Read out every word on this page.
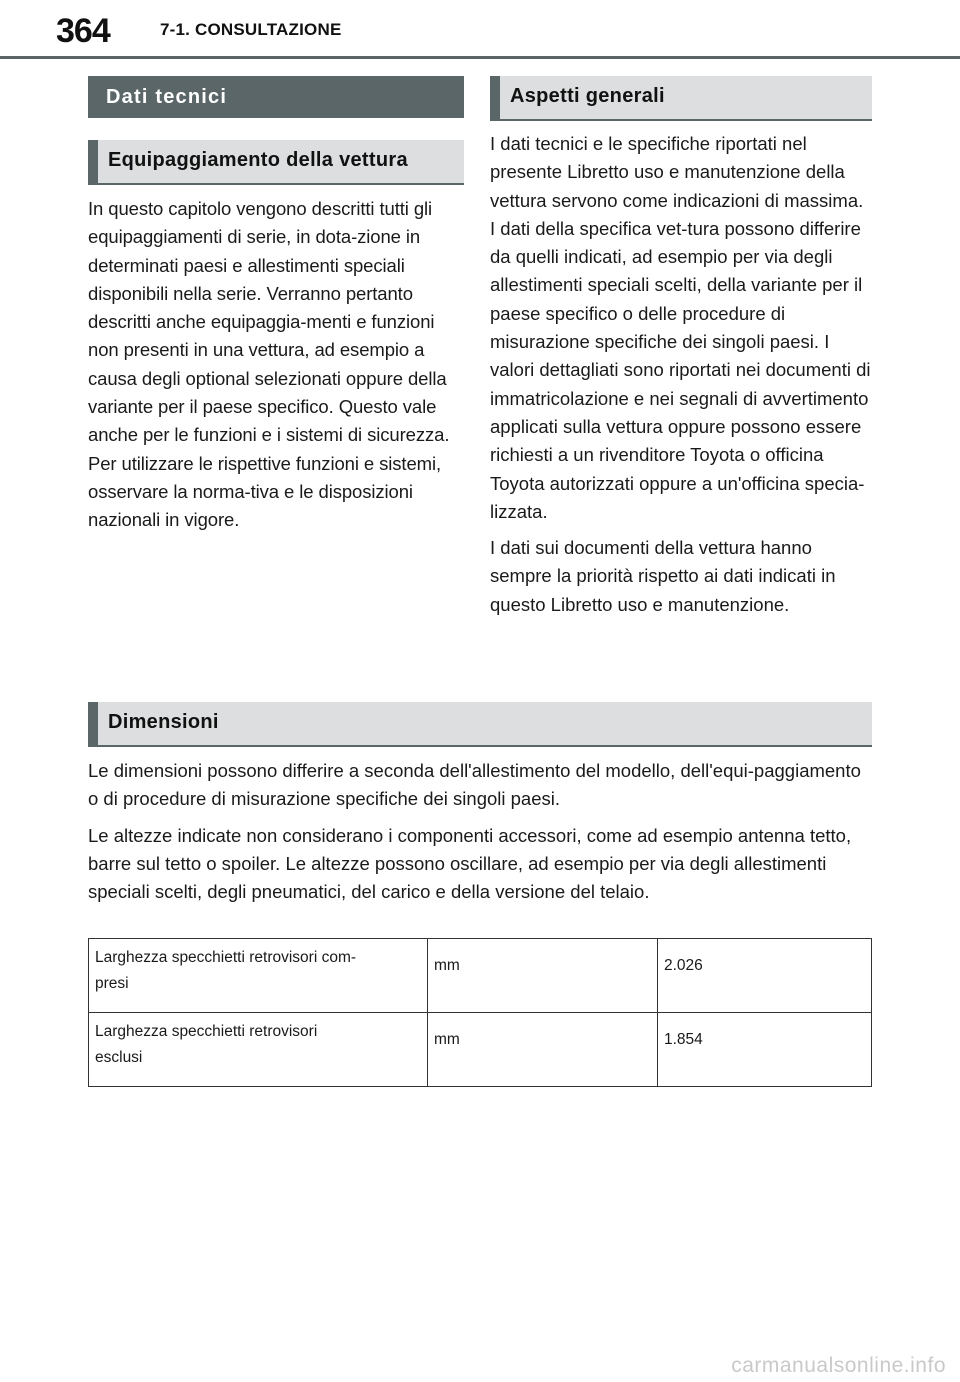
364	7-1. CONSULTAZIONE
Dati tecnici
Equipaggiamento della vettura

In questo capitolo vengono descritti tutti gli equipaggiamenti di serie, in dota-zione in determinati paesi e allestimenti speciali disponibili nella serie. Verranno pertanto descritti anche equipaggia-menti e funzioni non presenti in una vettura, ad esempio a causa degli optional selezionati oppure della variante per il paese specifico. Questo vale anche per le funzioni e i sistemi di sicurezza. Per utilizzare le rispettive funzioni e sistemi, osservare la norma-tiva e le disposizioni nazionali in vigore.

Aspetti generali

I dati tecnici e le specifiche riportati nel presente Libretto uso e manutenzione della vettura servono come indicazioni di massima. I dati della specifica vet-tura possono differire da quelli indicati, ad esempio per via degli allestimenti speciali scelti, della variante per il paese specifico o delle procedure di misurazione specifiche dei singoli paesi. I valori dettagliati sono riportati nei documenti di immatricolazione e nei segnali di avvertimento applicati sulla vettura oppure possono essere richiesti a un rivenditore Toyota o officina Toyota autorizzati oppure a un'officina specia-lizzata.

I dati sui documenti della vettura hanno sempre la priorità rispetto ai dati indicati in questo Libretto uso e manutenzione.

Dimensioni

Le dimensioni possono differire a seconda dell'allestimento del modello, dell'equi-paggiamento o di procedure di misurazione specifiche dei singoli paesi.

Le altezze indicate non considerano i componenti accessori, come ad esempio antenna tetto, barre sul tetto o spoiler. Le altezze possono oscillare, ad esempio per via degli allestimenti speciali scelti, degli pneumatici, del carico e della versione del telaio.

Larghezza specchietti retrovisori com-
presi	mm	2.026

Larghezza specchietti retrovisori
esclusi	mm	1.854
carmanualsonline.info
